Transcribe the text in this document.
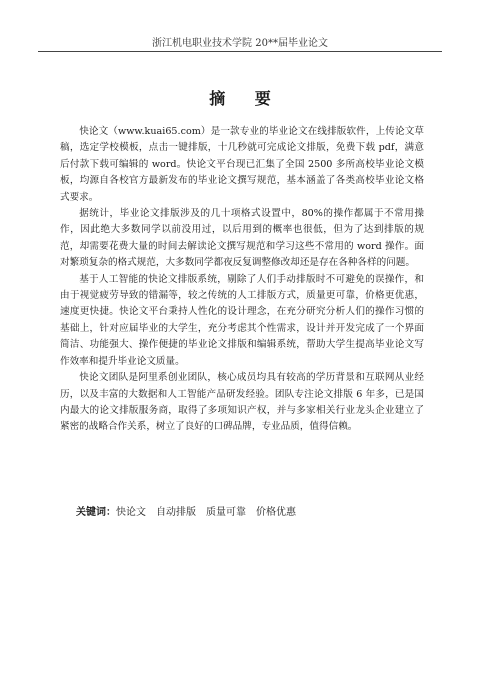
浙江机电职业技术学院 20**届毕业论文
摘 要

快论文（www.kuai65.com）是一款专业的毕业论文在线排版软件，上传论文草稿，选定学校模板，点击一键排版，十几秒就可完成论文排版，免费下载 pdf，满意后付款下载可编辑的 word。快论文平台现已汇集了全国 2500 多所高校毕业论文模板，均源自各校官方最新发布的毕业论文撰写规范，基本涵盖了各类高校毕业论文格式要求。

据统计，毕业论文排版涉及的几十项格式设置中，80%的操作都属于不常用操作，因此绝大多数同学以前没用过，以后用到的概率也很低，但为了达到排版的规范，却需要花费大量的时间去解读论文撰写规范和学习这些不常用的 word 操作。面对繁琐复杂的格式规范，大多数同学都夜反复调整修改却还是存在各种各样的问题。

基于人工智能的快论文排版系统，剔除了人们手动排版时不可避免的误操作，和由于视觉疲劳导致的错漏等，较之传统的人工排版方式，质量更可靠，价格更优惠，速度更快捷。快论文平台秉持人性化的设计理念，在充分研究分析人们的操作习惯的基础上，针对应届毕业的大学生，充分考虑其个性需求，设计并开发完成了一个界面简洁、功能强大、操作便捷的毕业论文排版和编辑系统，帮助大学生提高毕业论文写作效率和提升毕业论文质量。

快论文团队是阿里系创业团队，核心成员均具有较高的学历背景和互联网从业经历，以及丰富的大数据和人工智能产品研发经验。团队专注论文排版 6 年多，已是国内最大的论文排版服务商，取得了多项知识产权，并与多家相关行业龙头企业建立了紧密的战略合作关系，树立了良好的口碑品牌，专业品质，值得信赖。

关键词：快论文 自动排版 质量可靠 价格优惠
